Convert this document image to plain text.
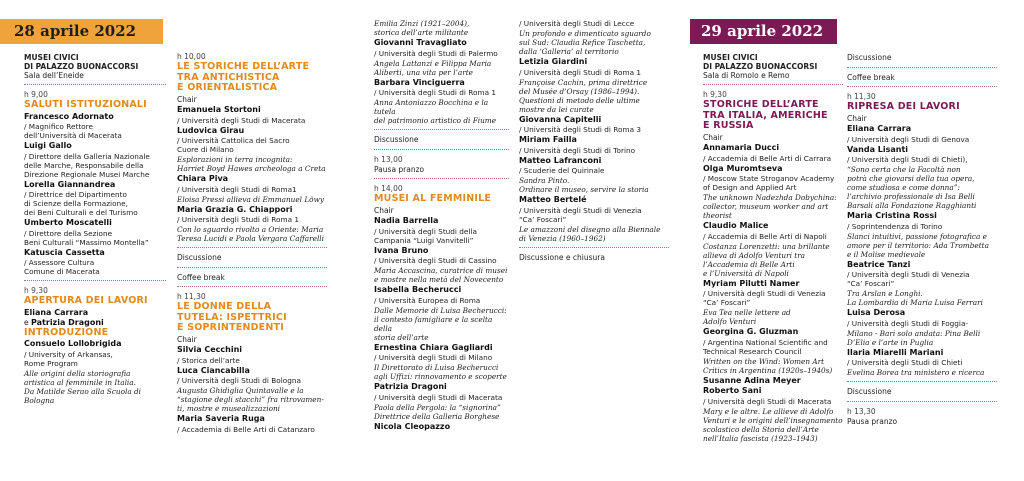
28 aprile 2022	29 aprile 2022
MUSEI CIVICI
DI PALAZZO BUONACCORSI
Sala dell’Eneide
h 9,00
SALUTI ISTITUZIONALI
Francesco Adornato
/ Magnifico Rettore
dell’Università di Macerata
Luigi Gallo
/ Direttore della Galleria Nazionale
delle Marche, Responsabile della
Direzione Regionale Musei Marche
Lorella Giannandrea
/ Direttrice del Dipartimento
di Scienze della Formazione,
dei Beni Culturali e del Turismo
Umberto Moscatelli
/ Direttore della Sezione
Beni Culturali “Massimo Montella”
Katuscia Cassetta
/ Assessore Cultura
Comune di Macerata
h 9,30
APERTURA DEI LAVORI
Eliana Carrara
e Patrizia Dragoni
INTRODUZIONE
Consuelo Lollobrigida
/ University of Arkansas,
Rome Program
Alle origini della storiografia
artistica al femminile in Italia.
Da Matilde Serao alla Scuola di Bologna
h 10,00
LE STORICHE DELL’ARTE
TRA ANTICHISTICA
E ORIENTALISTICA
Chair
Emanuela Stortoni
/ Università degli Studi di Macerata
Ludovica Girau
/ Università Cattolica del Sacro
Cuore di Milano
Esplorazioni in terra incognita:
Harriet Boyd Hawes archeologa a Creta
Chiara Piva
/ Università degli Studi di Roma1
Eloisa Pressi allieva di Emmanuel Löwy
Maria Grazia G. Chiappori
/ Università degli Studi di Roma 1
Con lo sguardo rivolto a Oriente: Maria
Teresa Lucidi e Paola Vergara Caffarelli
Discussione
Coffee break
h 11,30
LE DONNE DELLA
TUTELA: ISPETTRICI
E SOPRINTENDENTI
Chair
Silvia Cecchini
/ Storica dell’arte
Luca Ciancabilla
/ Università degli Studi di Bologna
Augusta Ghidiglia Quintavalle e la
“stagione degli stacchi” fra ritrovamen-
ti, mostre e musealizzazioni
Maria Saveria Ruga
/ Accademia di Belle Arti di Catanzaro
Emilia Zinzi (1921–2004),
storica dell’arte militante
Giovanni Travagliato
/ Università degli Studi di Palermo
Angela Lattanzi e Filippa Maria
Aliberti, una vita per l’arte
Barbara Vinciguerra
/ Università degli Studi di Roma 1
Anna Antoniazzo Bocchina e la tutela
del patrimonio artistico di Fiume
Discussione
h 13,00
Pausa pranzo
h 14,00
MUSEI AL FEMMINILE
Chair
Nadia Barrella
/ Università degli Studi della
Campania “Luigi Vanvitelli”
Ivana Bruno
/ Università degli Studi di Cassino
Maria Accascina, curatrice di musei
e mostre nella metà del Novecento
Isabella Becherucci
/ Università Europea di Roma
Dalle Memorie di Luisa Becherucci:
il contesto famigliare e la scelta della
storia dell’arte
Ernestina Chiara Gagliardi
/ Università degli Studi di Milano
Il Direttorato di Luisa Becherucci
agli Uffizi: rinnovamento e scoperte
Patrizia Dragoni
/ Università degli Studi di Macerata
Paola della Pergola: la “signorina”
Direttrice della Galleria Borghese
Nicola Cleopazzo
/ Università degli Studi di Lecce
Un profondo e dimenticato sguardo
sul Sud: Claudia Refice Taschetta,
dalla ‘Galleria’ al territorio
Letizia Giardini
/ Università degli Studi di Roma 1
Françoise Cachin, prima direttrice
del Musée d’Orsay (1986–1994).
Questioni di metodo delle ultime
mostre da lei curate
Giovanna Capitelli
/ Università degli Studi di Roma 3
Miriam Failla
/ Università degli Studi di Torino
Matteo Lafranconi
/ Scuderie del Quirinale
Sandra Pinto.
Ordinare il museo, servire la storia
Matteo Bertelé
/ Università degli Studi di Venezia
“Ca’ Foscari”
Le amazzoni del disegno alla Biennale
di Venezia (1960–1962)
Discussione e chiusura
MUSEI CIVICI
DI PALAZZO BUONACCORSI
Sala di Romolo e Remo
h 9,30
STORICHE DELL’ARTE
TRA ITALIA, AMERICHE
E RUSSIA
Chair
Annamaria Ducci
/ Accademia di Belle Arti di Carrara
Olga Muromtseva
/ Moscow State Stroganov Academy
of Design and Applied Art
The unknown Nadezhda Dobychina:
collector, museum worker and art
theorist
Claudio Malice
/ Accademia di Belle Arti di Napoli
Costanza Lorenzetti: una brillante
allieva di Adolfo Venturi tra
l’Accademia di Belle Arti
e l’Università di Napoli
Myriam Pilutti Namer
/ Università degli Studi di Venezia
“Ca’ Foscari”
Eva Tea nelle lettere ad
Adolfo Venturi
Georgina G. Gluzman
/ Argentina National Scientific and
Technical Research Council
Written on the Wind: Women Art
Critics in Argentina (1920s–1940s)
Susanne Adina Meyer
Roberto Sani
/ Università degli Studi di Macerata
Mary e le altre. Le allieve di Adolfo
Venturi e le origini dell’insegnamento
scolastico della Storia dell’Arte
nell’Italia fascista (1923–1943)
Discussione
Coffee break
h 11,30
RIPRESA DEI LAVORI
Chair
Eliana Carrara
/ Università degli Studi di Genova
Vanda Lisanti
/ Università degli Studi di Chieti),
“Sono certa che la Facoltà non
potrà che giovarsi della tua opera,
come studiosa e come donna”:
l’archivio professionale di Isa Belli
Barsali alla Fondazione Ragghianti
Maria Cristina Rossi
/ Soprintendenza di Torino
Slanci intuitivi, passione fotografica e
amore per il territorio: Ada Trombetta
e il Molise medievale
Beatrice Tanzi
/ Università degli Studi di Venezia
“Ca’ Foscari”
Tra Arslan e Longhi.
La Lombardia di Maria Luisa Ferrari
Luisa Derosa
/ Università degli Studi di Foggia-
Milano - Bari solo andata: Pina Belli
D’Elia e l’arte in Puglia
Ilaria Miarelli Mariani
/ Università degli Studi di Chieti
Evelina Borea tra ministero e ricerca
Discussione
h 13,30
Pausa pranzo
